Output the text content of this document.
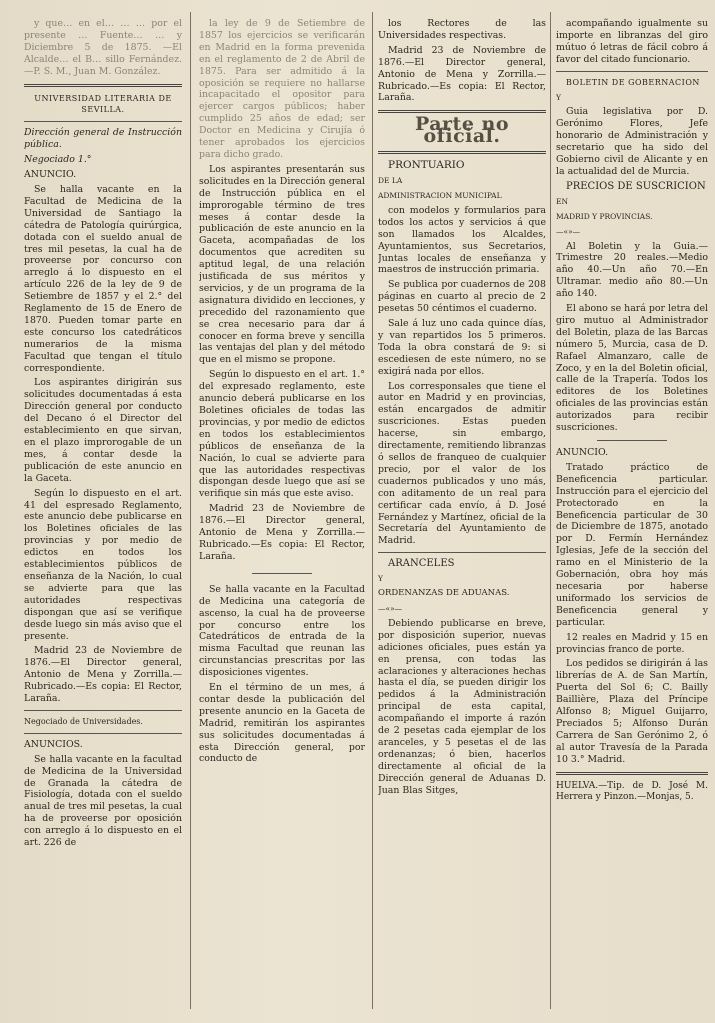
y que… en el… … … por el presente … Fuente… … y Diciembre 5 de 1875. —El Alcalde… el B… sillo Fernández.—P. S. M., Juan M. González.

UNIVERSIDAD LITERARIA DE SEVILLA.

Dirección general de Instrucción pública.

Negociado 1.°

ANUNCIO.

Se halla vacante en la Facultad de Medicina de la Universidad de Santiago la cátedra de Patología quirúrgica, dotada con el sueldo anual de tres mil pesetas, la cual ha de proveerse por concurso con arreglo á lo dispuesto en el artículo 226 de la ley de 9 de Setiembre de 1857 y el 2.° del Reglamento de 15 de Enero de 1870. Pueden tomar parte en este concurso los catedráticos numerarios de la misma Facultad que tengan el título correspondiente.

Los aspirantes dirigirán sus solicitudes documentadas á esta Dirección general por conducto del Decano ó el Director del establecimiento en que sirvan, en el plazo improrogable de un mes, á contar desde la publicación de este anuncio en la Gaceta.

Según lo dispuesto en el art. 41 del espresado Reglamento, este anuncio debe publicarse en los Boletines oficiales de las provincias y por medio de edictos en todos los establecimientos públicos de enseñanza de la Nación, lo cual se advierte para que las autoridades respectivas dispongan que así se verifique desde luego sin más aviso que el presente.

Madrid 23 de Noviembre de 1876.—El Director general, Antonio de Mena y Zorrilla.—Rubricado.—Es copia: El Rector, Laraña.

Negociado de Universidades.

ANUNCIOS.

Se halla vacante en la facultad de Medicina de la Universidad de Granada la cátedra de Fisiología, dotada con el sueldo anual de tres mil pesetas, la cual ha de proveerse por oposición con arreglo á lo dispuesto en el art. 226 de

la ley de 9 de Setiembre de 1857 los ejercicios se verificarán en Madrid en la forma prevenida en el reglamento de 2 de Abril de 1875. Para ser admitido á la oposición se requiere no hallarse incapacitado el opositor para ejercer cargos públicos; haber cumplido 25 años de edad; ser Doctor en Medicina y Cirujía ó tener aprobados los ejercicios para dicho grado.

Los aspirantes presentarán sus solicitudes en la Dirección general de Instrucción pública en el improrogable término de tres meses á contar desde la publicación de este anuncio en la Gaceta, acompañadas de los documentos que acrediten su aptitud legal, de una relación justificada de sus méritos y servicios, y de un programa de la asignatura dividido en lecciones, y precedido del razonamiento que se crea necesario para dar á conocer en forma breve y sencilla las ventajas del plan y del método que en el mismo se propone.

Según lo dispuesto en el art. 1.° del expresado reglamento, este anuncio deberá publicarse en los Boletines oficiales de todas las provincias, y por medio de edictos en todos los establecimientos públicos de enseñanza de la Nación, lo cual se advierte para que las autoridades respectivas dispongan desde luego que así se verifique sin más que este aviso.

Madrid 23 de Noviembre de 1876.—El Director general, Antonio de Mena y Zorrilla.—Rubricado.—Es copia: El Rector, Laraña.

Se halla vacante en la Facultad de Medicina una categoría de ascenso, la cual ha de proveerse por concurso entre los Catedráticos de entrada de la misma Facultad que reunan las circunstancias prescritas por las disposiciones vigentes.

En el término de un mes, á contar desde la publicación del presente anuncio en la Gaceta de Madrid, remitirán los aspirantes sus solicitudes documentadas á esta Dirección general, por conducto de

los Rectores de las Universidades respectivas.

Madrid 23 de Noviembre de 1876.—El Director general, Antonio de Mena y Zorrilla.—Rubricado.—Es copia: El Rector, Laraña.

Parte no oficial.

PRONTUARIO

DE LA

ADMINISTRACION MUNICIPAL

con modelos y formularios para todos los actos y servicios á que son llamados los Alcaldes, Ayuntamientos, sus Secretarios, Juntas locales de enseñanza y maestros de instrucción primaria.

Se publica por cuadernos de 208 páginas en cuarto al precio de 2 pesetas 50 céntimos el cuaderno.

Sale á luz uno cada quince días, y van repartidos los 5 primeros. Toda la obra constará de 9: si escediesen de este número, no se exigirá nada por ellos.

Los corresponsales que tiene el autor en Madrid y en provincias, están encargados de admitir suscriciones. Estas pueden hacerse, sin embargo, directamente, remitiendo libranzas ó sellos de franqueo de cualquier precio, por el valor de los cuadernos publicados y uno más, con aditamento de un real para certificar cada envío, á D. José Fernández y Martínez, oficial de la Secretaría del Ayuntamiento de Madrid.

ARANCELES

Y

ORDENANZAS DE ADUANAS.

—«»—

Debiendo publicarse en breve, por disposición superior, nuevas adiciones oficiales, pues están ya en prensa, con todas las aclaraciones y alteraciones hechas hasta el día, se pueden dirigir los pedidos á la Administración principal de esta capital, acompañando el importe á razón de 2 pesetas cada ejemplar de los aranceles, y 5 pesetas el de las ordenanzas; ó bien, hacerlos directamente al oficial de la Dirección general de Aduanas D. Juan Blas Sitges,

acompañando igualmente su importe en libranzas del giro mútuo ó letras de fácil cobro á favor del citado funcionario.

BOLETIN DE GOBERNACION

Y

Guia legislativa por D. Gerónimo Flores, Jefe honorario de Administración y secretario que ha sido del Gobierno civil de Alicante y en la actualidad del de Murcia.

PRECIOS DE SUSCRICION

EN

MADRID Y PROVINCIAS.

—«»—

Al Boletin y la Guia.—Trimestre 20 reales.—Medio año 40.—Un año 70.—En Ultramar. medio año 80.—Un año 140.

El abono se hará por letra del giro mutuo al Administrador del Boletin, plaza de las Barcas número 5, Murcia, casa de D. Rafael Almanzaro, calle de Zoco, y en la del Boletin oficial, calle de la Trapería. Todos los editores de los Boletines oficiales de las provincias están autorizados para recibir suscriciones.

ANUNCIO.

Tratado práctico de Beneficencia particular. Instrucción para el ejercicio del Protectorado en la Beneficencia particular de 30 de Diciembre de 1875, anotado por D. Fermín Hernández Iglesias, Jefe de la sección del ramo en el Ministerio de la Gobernación, obra hoy más necesaria por haberse uniformado los servicios de Beneficencia general y particular.

12 reales en Madrid y 15 en provincias franco de porte.

Los pedidos se dirigirán á las librerías de A. de San Martín, Puerta del Sol 6; C. Bailly Baillière, Plaza del Príncipe Alfonso 8; Miguel Guijarro, Preciados 5; Alfonso Durán Carrera de San Gerónimo 2, ó al autor Travesía de la Parada 10 3.° Madrid.

HUELVA.—Tip. de D. José M. Herrera y Pinzon.—Monjas, 5.
